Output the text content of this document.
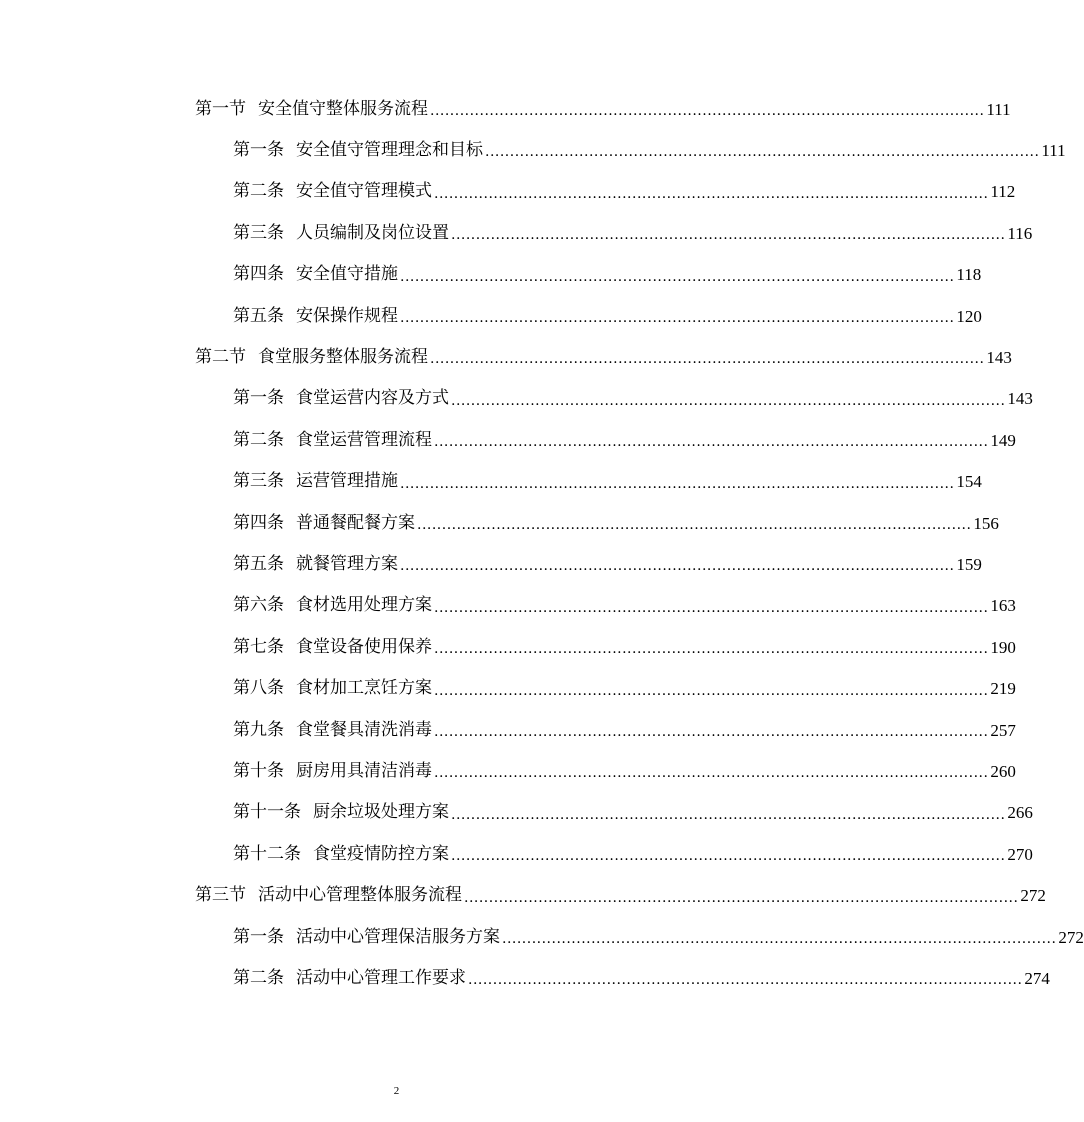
第一节 安全值守整体服务流程 ................................................................................................................ 111
第一条 安全值守管理理念和目标 ................................................................................................................ 111
第二条 安全值守管理模式 ................................................................................................................ 112
第三条 人员编制及岗位设置 ................................................................................................................ 116
第四条 安全值守措施 ................................................................................................................ 118
第五条 安保操作规程 ................................................................................................................ 120
第二节 食堂服务整体服务流程 ................................................................................................................ 143
第一条 食堂运营内容及方式 ................................................................................................................ 143
第二条 食堂运营管理流程 ................................................................................................................ 149
第三条 运营管理措施 ................................................................................................................ 154
第四条 普通餐配餐方案 ................................................................................................................ 156
第五条 就餐管理方案 ................................................................................................................ 159
第六条 食材选用处理方案 ................................................................................................................ 163
第七条 食堂设备使用保养 ................................................................................................................ 190
第八条 食材加工烹饪方案 ................................................................................................................ 219
第九条 食堂餐具清洗消毒 ................................................................................................................ 257
第十条 厨房用具清洁消毒 ................................................................................................................ 260
第十一条 厨余垃圾处理方案 ................................................................................................................ 266
第十二条 食堂疫情防控方案 ................................................................................................................ 270
第三节 活动中心管理整体服务流程 ................................................................................................................ 272
第一条 活动中心管理保洁服务方案 ................................................................................................................ 272
第二条 活动中心管理工作要求 ................................................................................................................ 274
2
